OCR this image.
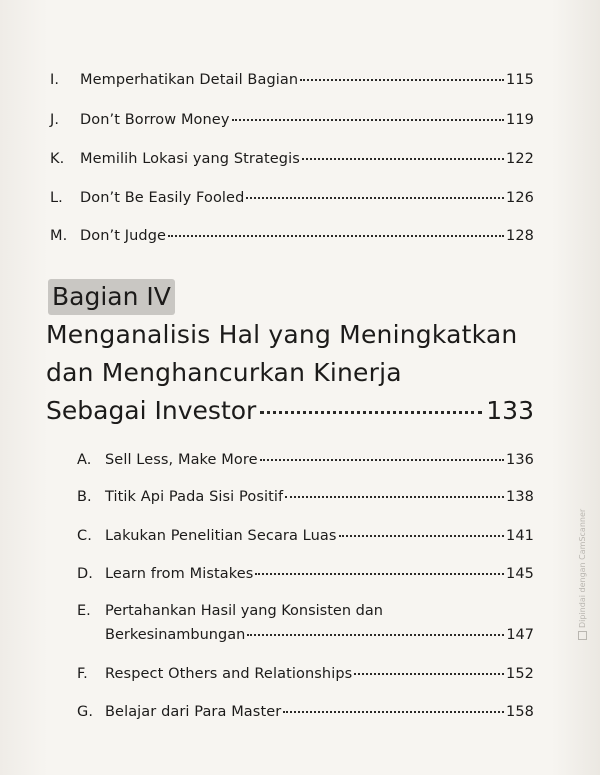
I.	Memperhatikan Detail Bagian	115
J.	Don’t Borrow Money	119
K.	Memilih Lokasi yang Strategis	122
L.	Don’t Be Easily Fooled	126
M. Don’t Judge	128
Bagian IV
Menganalisis Hal yang Meningkatkan
dan Menghancurkan Kinerja
Sebagai Investor	133
A. Sell Less, Make More	136
B. Titik Api Pada Sisi Positif	138
C. Lakukan Penelitian Secara Luas	141
D. Learn from Mistakes	145
E. Pertahankan Hasil yang Konsisten dan
Berkesinambungan	147
F.	Respect Others and Relationships	152
G. Belajar dari Para Master	158
Dipindai dengan CamScanner
